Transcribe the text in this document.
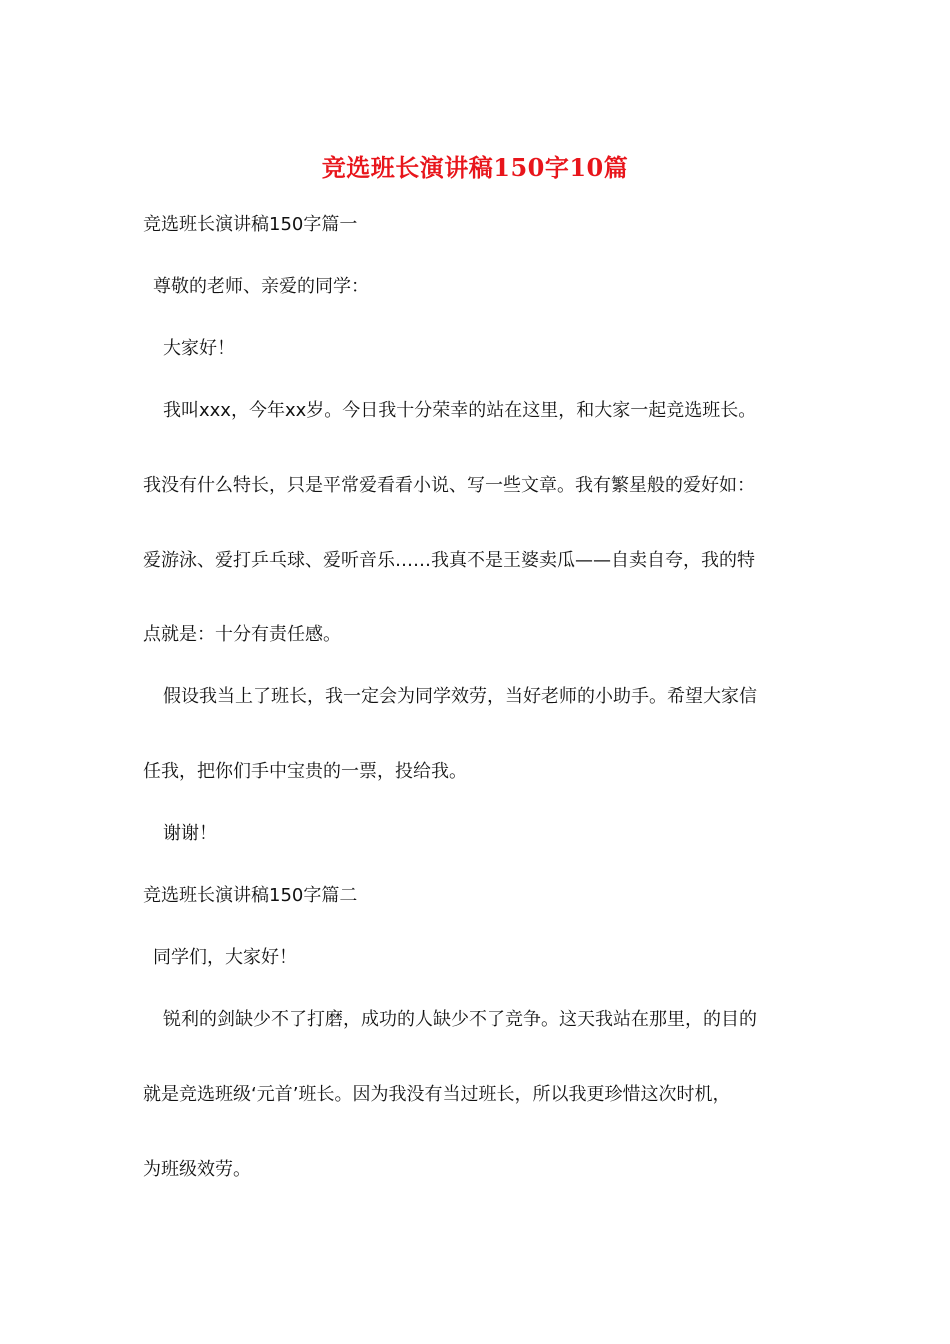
竞选班长演讲稿150字10篇
竞选班长演讲稿150字篇一
尊敬的老师、亲爱的同学：
大家好！
我叫xxx，今年xx岁。今日我十分荣幸的站在这里，和大家一起竞选班长。
我没有什么特长，只是平常爱看看小说、写一些文章。我有繁星般的爱好如：
爱游泳、爱打乒乓球、爱听音乐……我真不是王婆卖瓜——自卖自夸，我的特
点就是：十分有责任感。
假设我当上了班长，我一定会为同学效劳，当好老师的小助手。希望大家信
任我，把你们手中宝贵的一票，投给我。
谢谢！
竞选班长演讲稿150字篇二
同学们，大家好！
锐利的剑缺少不了打磨，成功的人缺少不了竞争。这天我站在那里，的目的
就是竞选班级‘元首’班长。因为我没有当过班长，所以我更珍惜这次时机，
为班级效劳。
